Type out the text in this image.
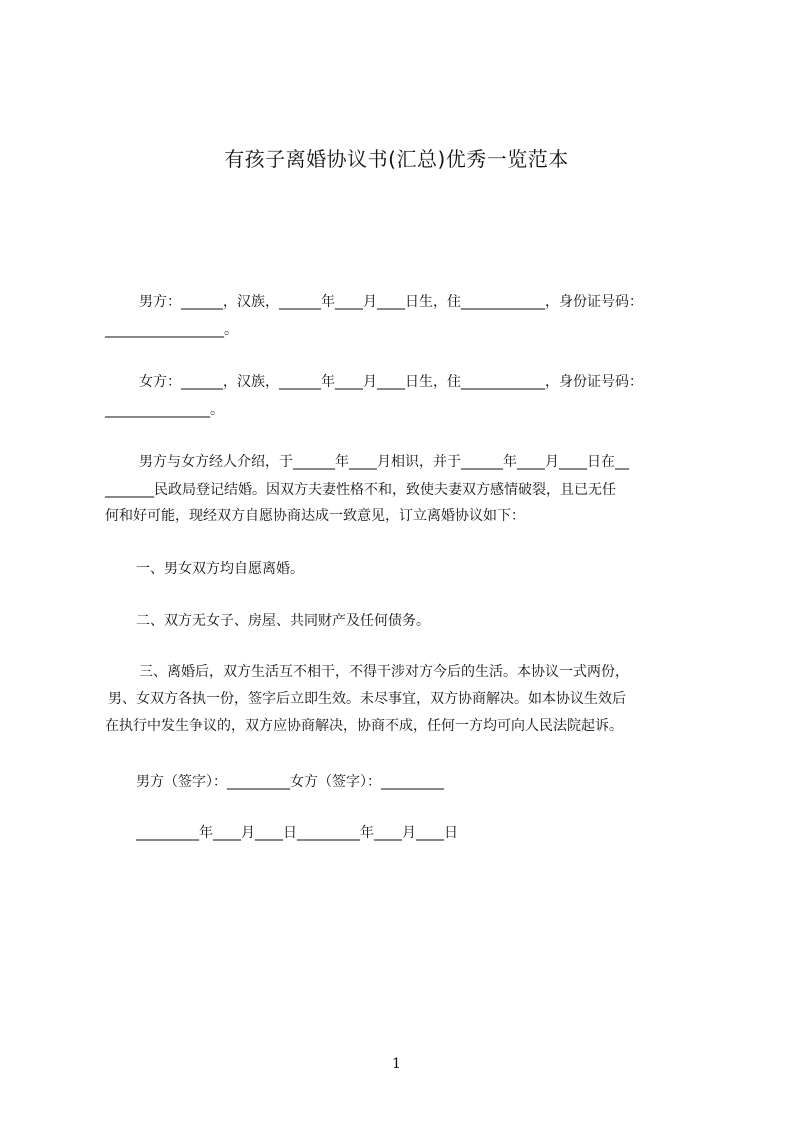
有孩子离婚协议书(汇总)优秀一览范本
男方：______，汉族，______年____月____日生，住____________，身份证号码：
_________________。
女方：______，汉族，______年____月____日生，住____________，身份证号码：
_______________。
男方与女方经人介绍，于______年____月相识，并于______年____月____日在__
_______民政局登记结婚。因双方夫妻性格不和，致使夫妻双方感情破裂，且已无任
何和好可能，现经双方自愿协商达成一致意见，订立离婚协议如下：
一、男女双方均自愿离婚。
二、双方无女子、房屋、共同财产及任何债务。
三、离婚后，双方生活互不相干，不得干涉对方今后的生活。本协议一式两份，
男、女双方各执一份，签字后立即生效。未尽事宜，双方协商解决。如本协议生效后
在执行中发生争议的，双方应协商解决，协商不成，任何一方均可向人民法院起诉。
男方（签字）：_________女方（签字）：_________
_________年____月____日_________年____月____日
1
